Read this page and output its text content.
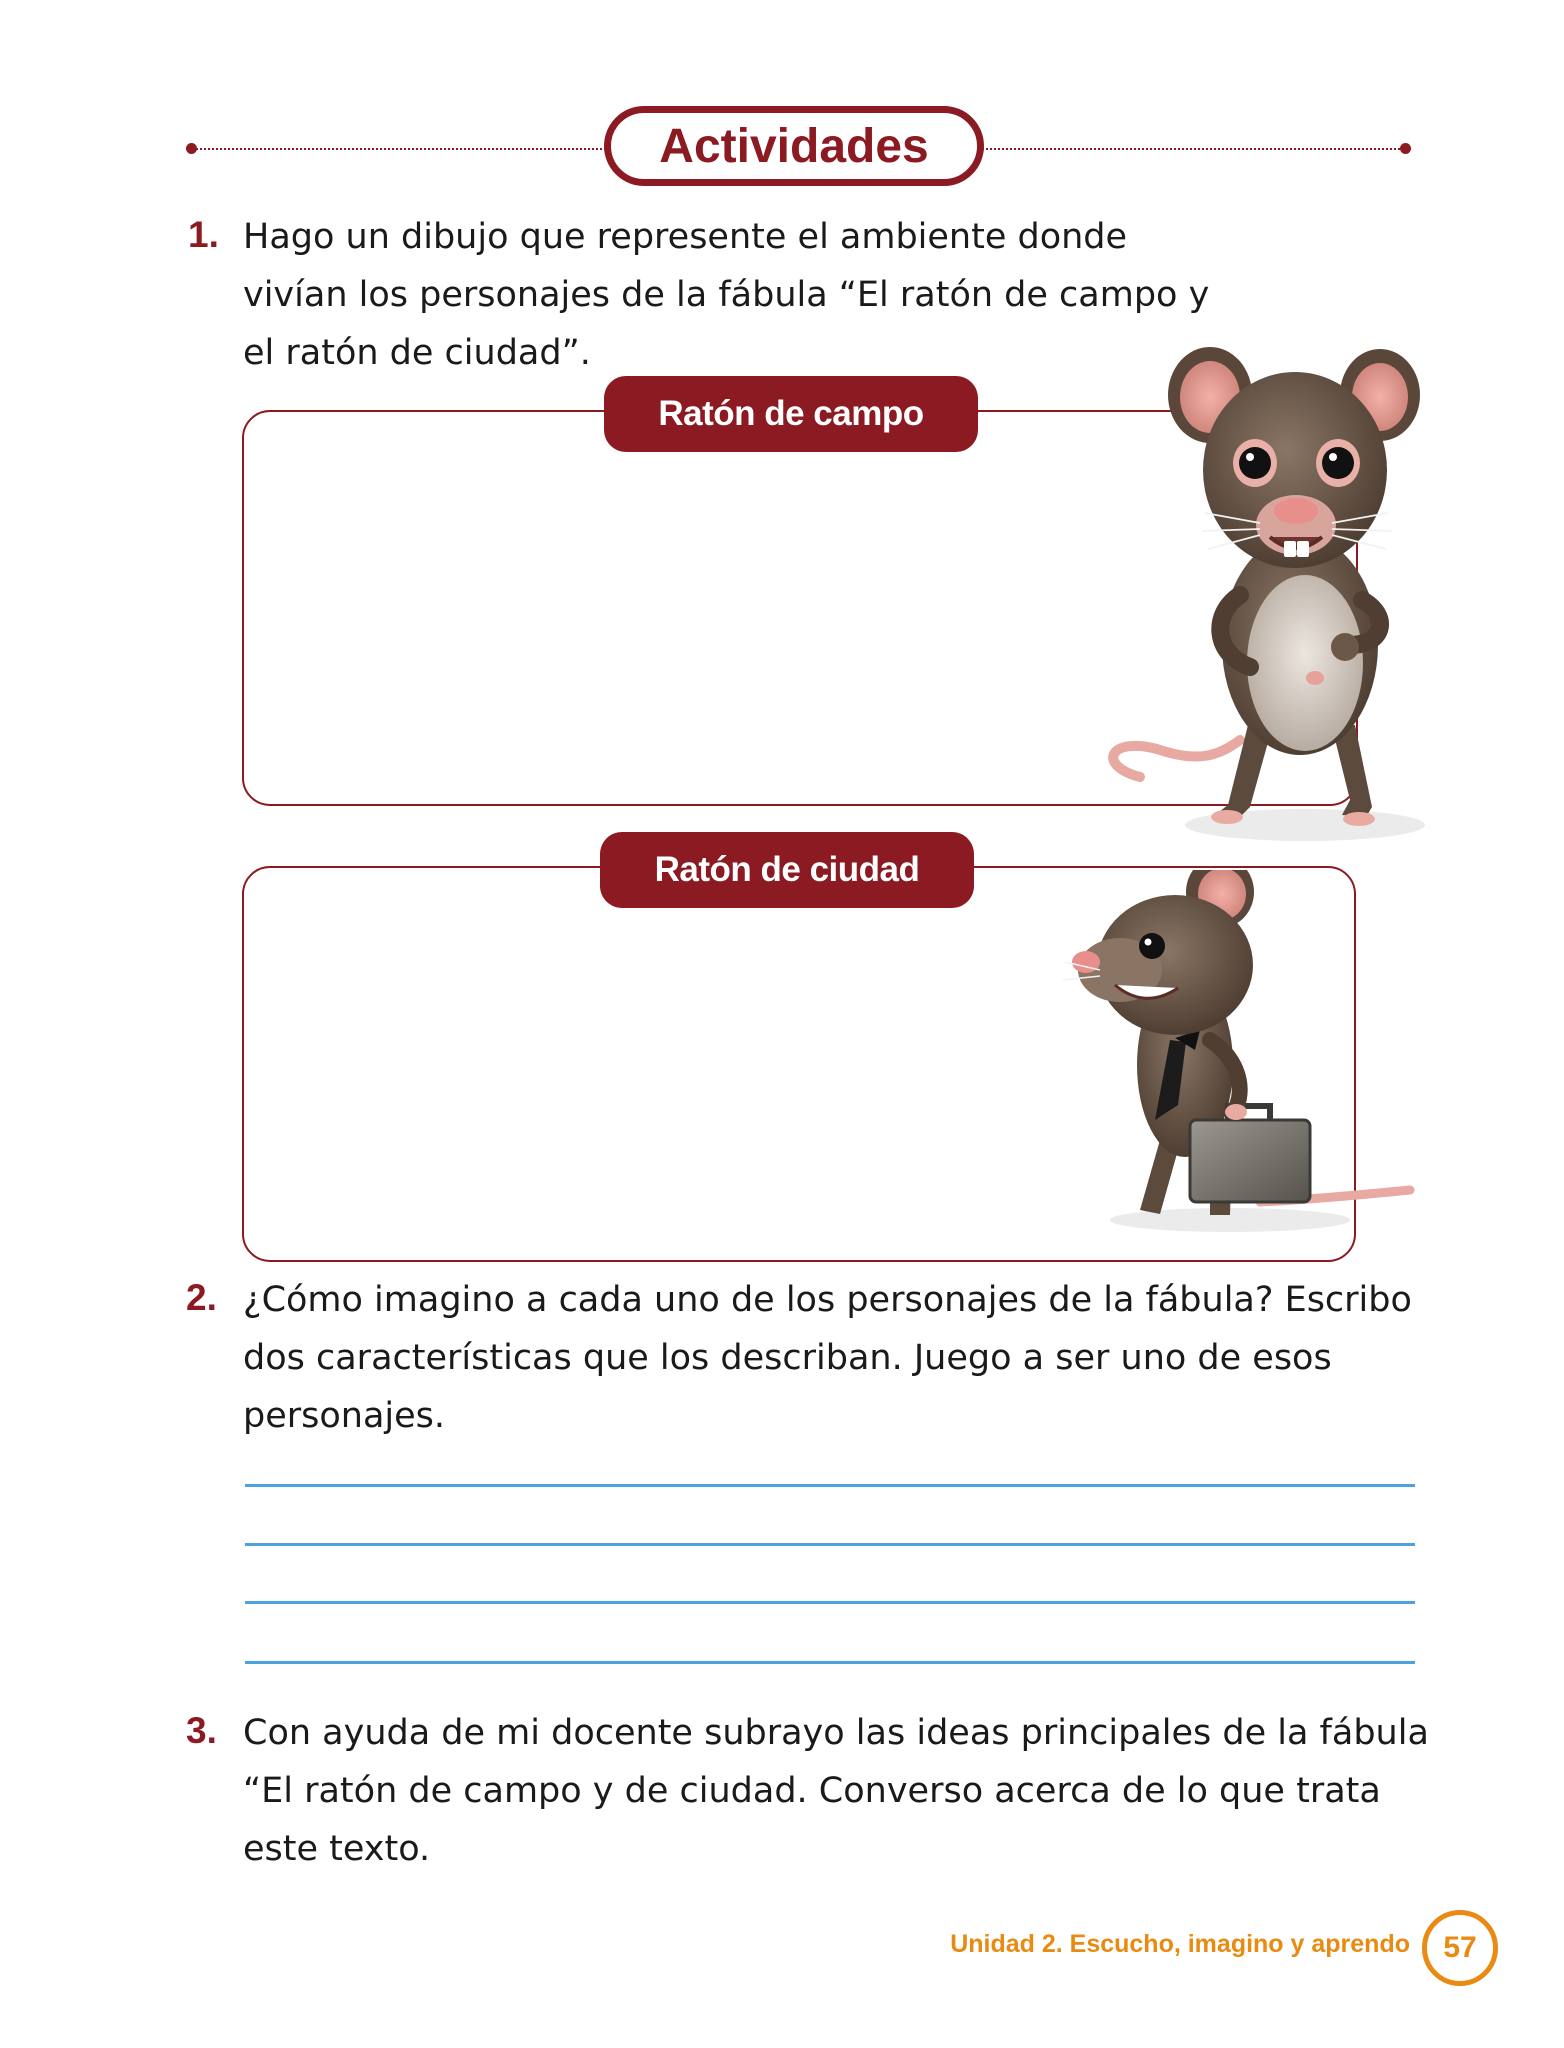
Actividades
1. Hago un dibujo que represente el ambiente donde
vivían los personajes de la fábula “El ratón de campo y
el ratón de ciudad”.
Ratón de campo
Ratón de ciudad
2. ¿Cómo imagino a cada uno de los personajes de la fábula? Escribo
dos características que los describan. Juego a ser uno de esos
personajes.
3. Con ayuda de mi docente subrayo las ideas principales de la fábula
“El ratón de campo y de ciudad. Converso acerca de lo que trata
este texto.
Unidad 2. Escucho, imagino y aprendo 57
